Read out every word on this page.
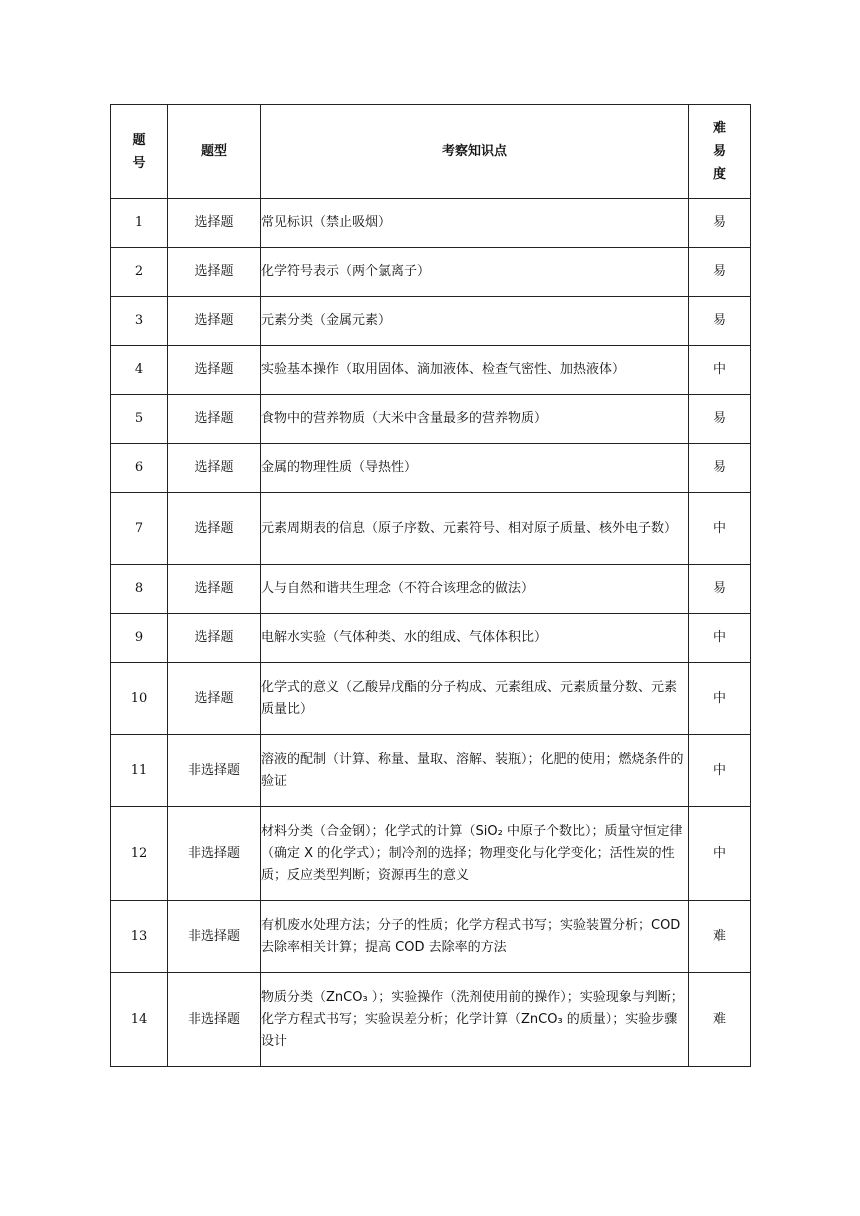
题号	题型	考察知识点	难易度
1	选择题	常见标识（禁止吸烟）	易
2	选择题	化学符号表示（两个氯离子）	易
3	选择题	元素分类（金属元素）	易
4	选择题	实验基本操作（取用固体、滴加液体、检查气密性、加热液体）	中
5	选择题	食物中的营养物质（大米中含量最多的营养物质）	易
6	选择题	金属的物理性质（导热性）	易
7	选择题	元素周期表的信息（原子序数、元素符号、相对原子质量、核外电子数）	中
8	选择题	人与自然和谐共生理念（不符合该理念的做法）	易
9	选择题	电解水实验（气体种类、水的组成、气体体积比）	中
10	选择题	化学式的意义（乙酸异戊酯的分子构成、元素组成、元素质量分数、元素质量比）	中
11	非选择题	溶液的配制（计算、称量、量取、溶解、装瓶）；化肥的使用；燃烧条件的验证	中
12	非选择题	材料分类（合金钢）；化学式的计算（SiO₂ 中原子个数比）；质量守恒定律（确定 X 的化学式）；制冷剂的选择；物理变化与化学变化；活性炭的性质；反应类型判断；资源再生的意义	中
13	非选择题	有机废水处理方法；分子的性质；化学方程式书写；实验装置分析；COD 去除率相关计算；提高 COD 去除率的方法	难
14	非选择题	物质分类（ZnCO₃ ）；实验操作（洗剂使用前的操作）；实验现象与判断；化学方程式书写；实验误差分析；化学计算（ZnCO₃ 的质量）；实验步骤设计	难
